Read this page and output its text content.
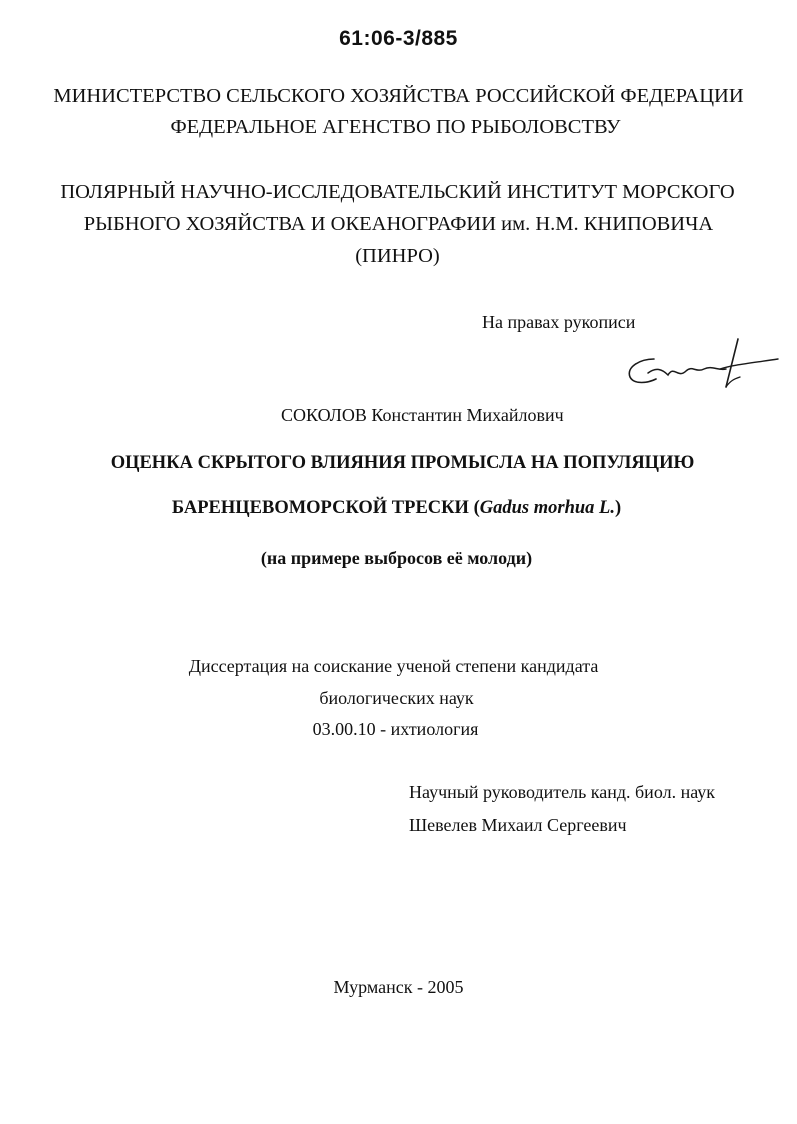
61:06-3/885
МИНИСТЕРСТВО СЕЛЬСКОГО ХОЗЯЙСТВА РОССИЙСКОЙ ФЕДЕРАЦИИ
ФЕДЕРАЛЬНОЕ АГЕНСТВО ПО РЫБОЛОВСТВУ
ПОЛЯРНЫЙ НАУЧНО-ИССЛЕДОВАТЕЛЬСКИЙ ИНСТИТУТ МОРСКОГО
РЫБНОГО ХОЗЯЙСТВА И ОКЕАНОГРАФИИ им. Н.М. КНИПОВИЧА
(ПИНРО)
На правах рукописи
СОКОЛОВ Константин Михайлович
ОЦЕНКА СКРЫТОГО ВЛИЯНИЯ ПРОМЫСЛА НА ПОПУЛЯЦИЮ
БАРЕНЦЕВОМОРСКОЙ ТРЕСКИ (Gadus morhua L.)
(на примере выбросов её молоди)
Диссертация на соискание ученой степени кандидата
биологических наук
03.00.10 - ихтиология
Научный руководитель канд. биол. наук
Шевелев Михаил Сергеевич
Мурманск - 2005
